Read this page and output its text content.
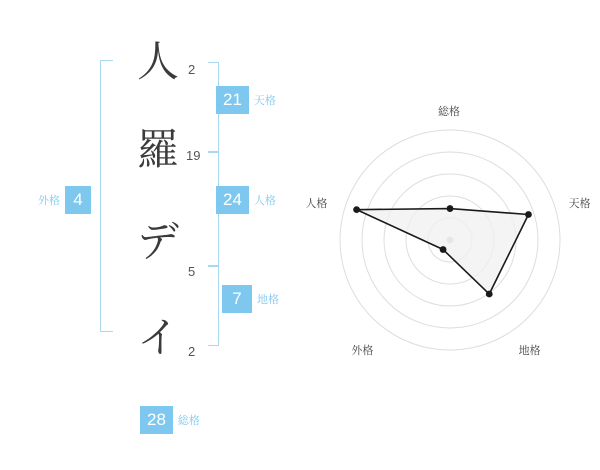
人
羅
デ
イ
2
19
5
2
21	天格
24	人格
7	地格
外格 4
28	総格
総格
天格
地格
外格
人格
